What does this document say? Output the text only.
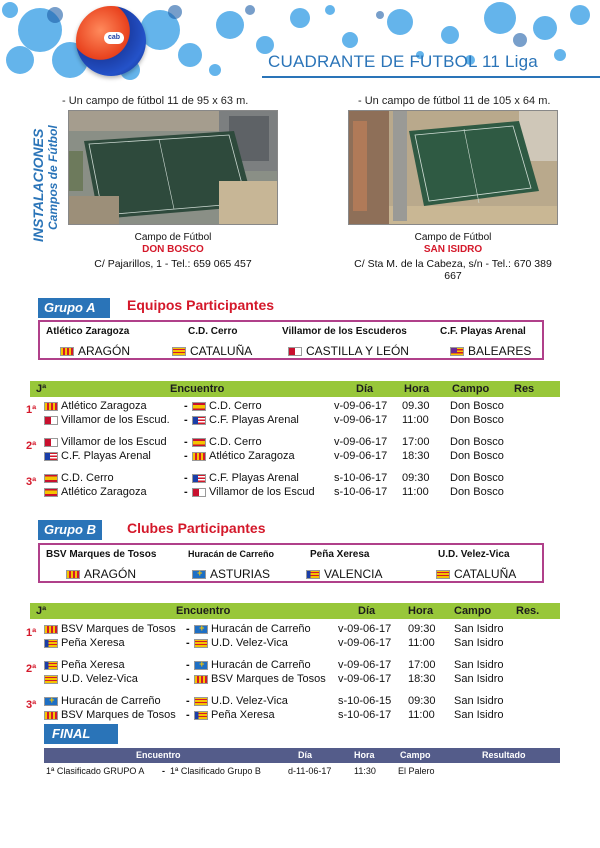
cab
CUADRANTE DE FUTBOL 11 Liga
INSTALACIONES Campos de Fútbol
- Un campo de fútbol 11 de 95 x 63 m.
Campo de Fútbol
DON BOSCO
C/ Pajarillos, 1 - Tel.: 659 065 457
- Un campo de fútbol 11 de 105 x 64 m.
Campo de Fútbol
SAN ISIDRO
C/ Sta M. de la Cabeza, s/n - Tel.: 670 389 667
Grupo A	Equipos Participantes
Atlético Zaragoza	C.D. Cerro	Villamor de los Escuderos	C.F. Playas Arenal
ARAGÓN	CATALUÑA	CASTILLA Y LEÓN	BALEARES
Jª	Encuentro	Día	Hora Campo Res
1ª Atlético Zaragoza	- C.D. Cerro	v-09-06-17 09.30 Don Bosco
Villamor de los Escud. - C.F. Playas Arenal	v-09-06-17 11:00 Don Bosco
2ª Villamor de los Escud - C.D. Cerro	v-09-06-17 17:00 Don Bosco
C.F. Playas Arenal	- Atlético Zaragoza	v-09-06-17 18:30 Don Bosco
3ª C.D. Cerro	- C.F. Playas Arenal	s-10-06-17 09:30 Don Bosco
Atlético Zaragoza	- Villamor de los Escud s-10-06-17 11:00 Don Bosco
Grupo B	Clubes Participantes
BSV Marques de Tosos	Huracán de Carreño	Peña Xeresa	U.D. Velez-Vica
ARAGÓN +	ASTURIAS	VALENCIA	CATALUÑA
Jª	Encuentro	Día	Hora Campo Res.
1ª BSV Marques de Tosos - + Huracán de Carreño v-09-06-17 09:30 San Isidro
Peña Xeresa	- U.D. Velez-Vica	v-09-06-17 11:00 San Isidro
2ª Peña Xeresa	- + Huracán de Carreño v-09-06-17 17:00 San Isidro
U.D. Velez-Vica	- BSV Marques de Tosos v-09-06-17 18:30 San Isidro
3ª + Huracán de Carreño - U.D. Velez-Vica	s-10-06-15 09:30 San Isidro
BSV Marques de Tosos - Peña Xeresa	s-10-06-17 11:00 San Isidro
FINAL
Encuentro	Día	Hora	Campo	Resultado
1ª Clasificado GRUPO A - 1ª Clasificado Grupo B	d-11-06-17	11:30 El Palero
